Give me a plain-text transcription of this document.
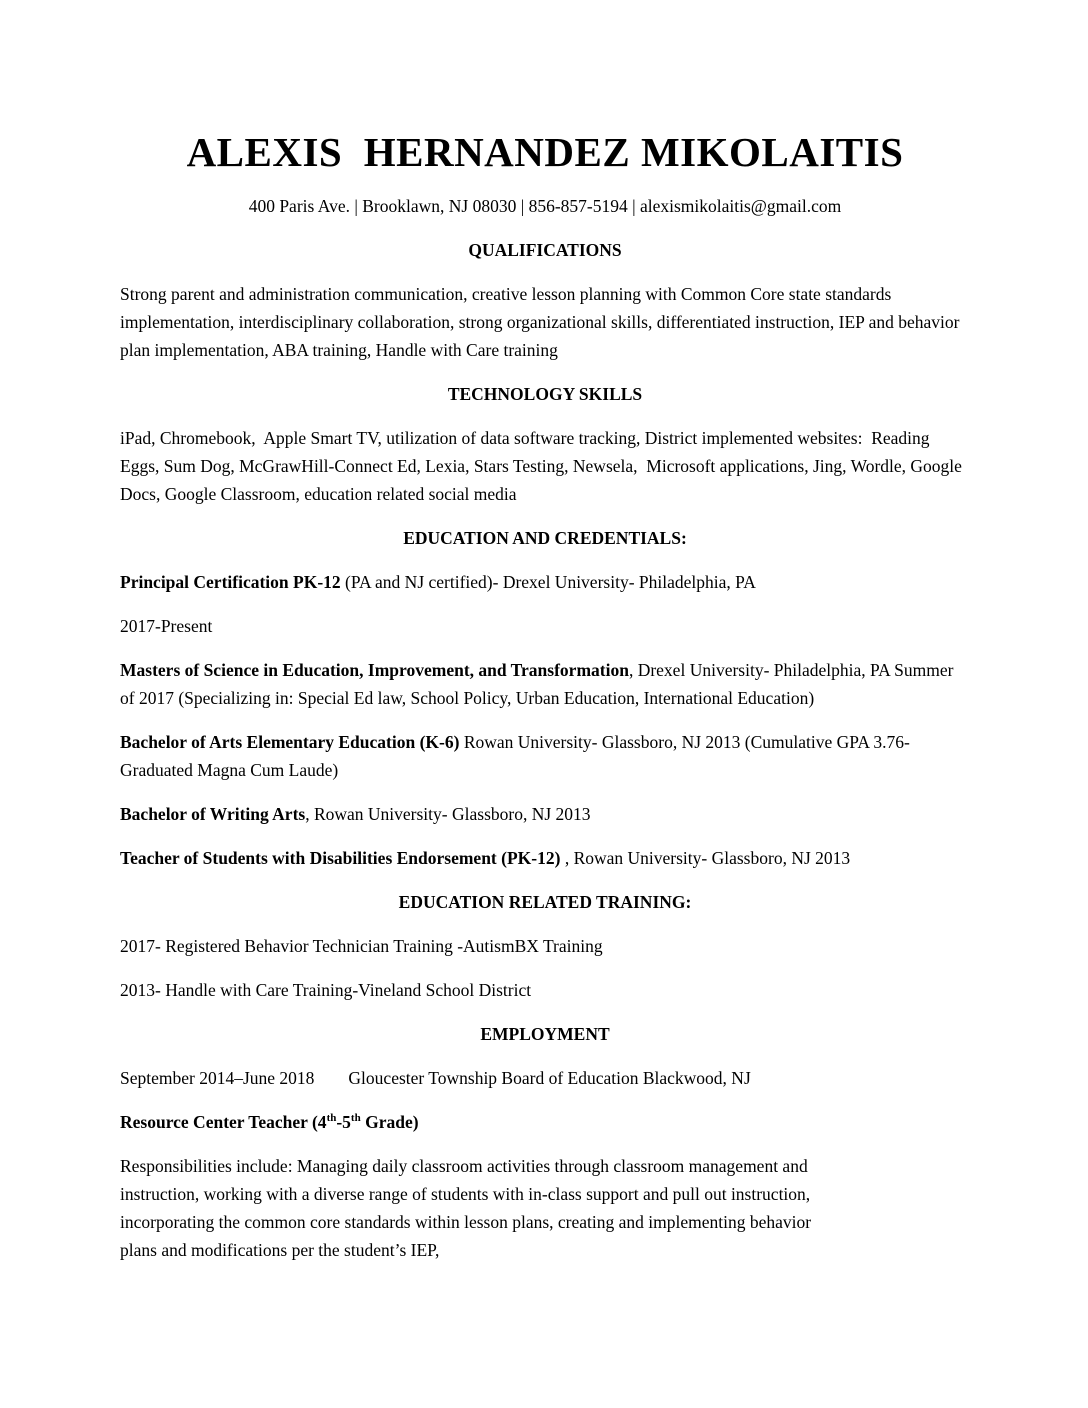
ALEXIS  HERNANDEZ MIKOLAITIS

400 Paris Ave. | Brooklawn, NJ 08030 | 856-857-5194 | alexismikolaitis@gmail.com

QUALIFICATIONS

Strong parent and administration communication, creative lesson planning with Common Core state standards implementation, interdisciplinary collaboration, strong organizational skills, differentiated instruction, IEP and behavior plan implementation, ABA training, Handle with Care training

TECHNOLOGY SKILLS

iPad, Chromebook,  Apple Smart TV, utilization of data software tracking, District implemented websites:  Reading Eggs, Sum Dog, McGrawHill-Connect Ed, Lexia, Stars Testing, Newsela,  Microsoft applications, Jing, Wordle, Google Docs, Google Classroom, education related social media

EDUCATION AND CREDENTIALS:

Principal Certification PK-12 (PA and NJ certified)- Drexel University- Philadelphia, PA

2017-Present

Masters of Science in Education, Improvement, and Transformation, Drexel University- Philadelphia, PA Summer of 2017 (Specializing in: Special Ed law, School Policy, Urban Education, International Education)

Bachelor of Arts Elementary Education (K-6) Rowan University- Glassboro, NJ 2013 (Cumulative GPA 3.76- Graduated Magna Cum Laude)

Bachelor of Writing Arts, Rowan University- Glassboro, NJ 2013

Teacher of Students with Disabilities Endorsement (PK-12) , Rowan University- Glassboro, NJ 2013

EDUCATION RELATED TRAINING:

2017- Registered Behavior Technician Training -AutismBX Training

2013- Handle with Care Training-Vineland School District

EMPLOYMENT

September 2014–June 2018 Gloucester Township Board of Education Blackwood, NJ

Resource Center Teacher (4th-5th Grade)

Responsibilities include: Managing daily classroom activities through classroom management and instruction, working with a diverse range of students with in-class support and pull out instruction, incorporating the common core standards within lesson plans, creating and implementing behavior plans and modifications per the student’s IEP,
